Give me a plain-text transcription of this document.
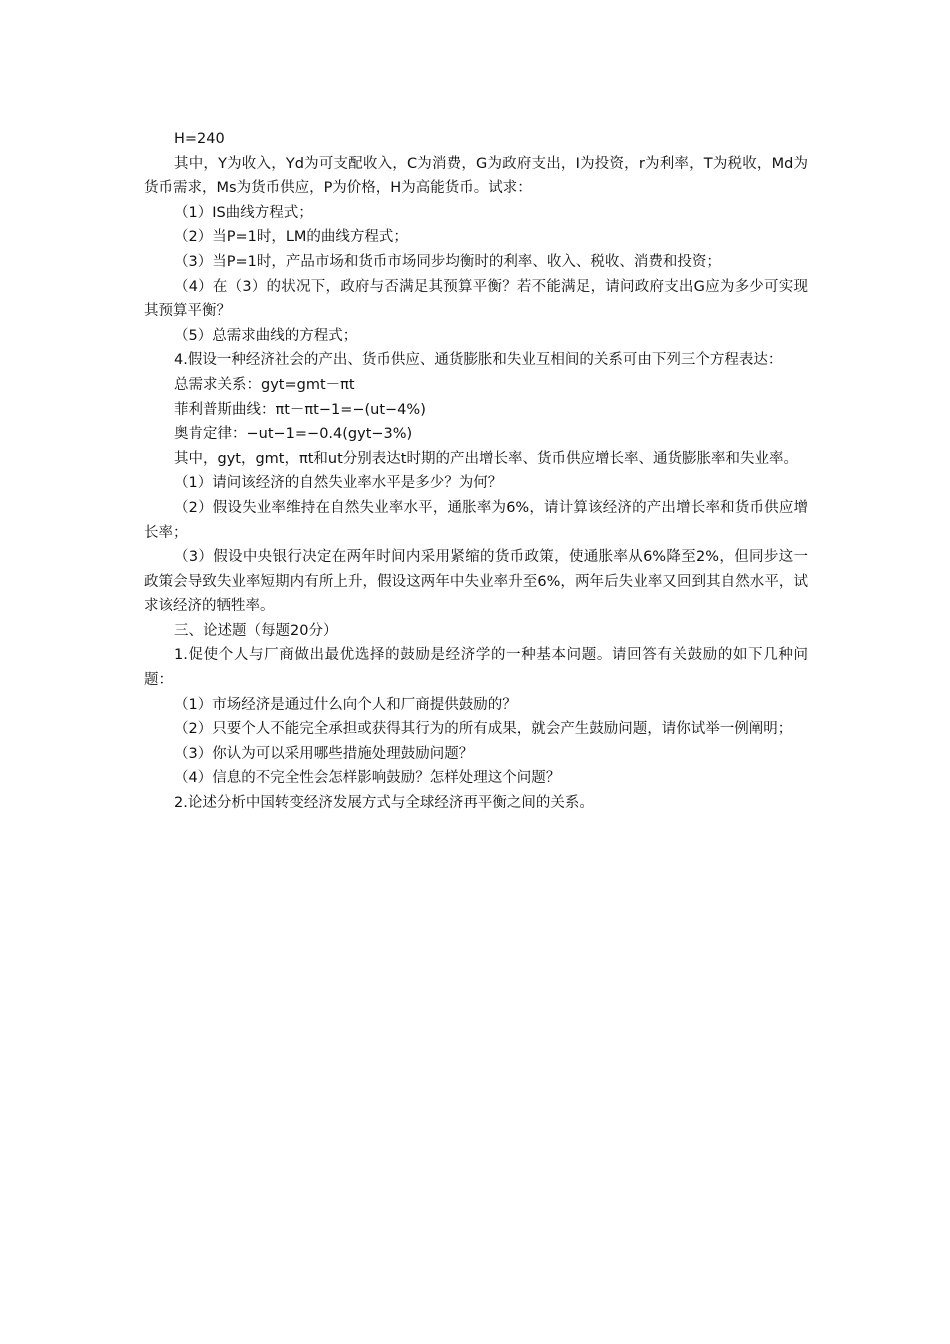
H=240
其中，Y为收入，Yd为可支配收入，C为消费，G为政府支出，I为投资，r为利率，T为税收，Md为货币需求，Ms为货币供应，P为价格，H为高能货币。试求：
（1）IS曲线方程式；
（2）当P=1时，LM的曲线方程式；
（3）当P=1时，产品市场和货币市场同步均衡时的利率、收入、税收、消费和投资；
（4）在（3）的状况下，政府与否满足其预算平衡？若不能满足，请问政府支出G应为多少可实现其预算平衡？
（5）总需求曲线的方程式；
4.假设一种经济社会的产出、货币供应、通货膨胀和失业互相间的关系可由下列三个方程表达：
总需求关系：gyt=gmt－πt
菲利普斯曲线：πt－πt−1=−(ut−4%)
奥肯定律：−ut−1=−0.4(gyt−3%)
其中，gyt，gmt，πt和ut分别表达t时期的产出增长率、货币供应增长率、通货膨胀率和失业率。
（1）请问该经济的自然失业率水平是多少？为何？
（2）假设失业率维持在自然失业率水平，通胀率为6%，请计算该经济的产出增长率和货币供应增长率；
（3）假设中央银行决定在两年时间内采用紧缩的货币政策，使通胀率从6%降至2%，但同步这一政策会导致失业率短期内有所上升，假设这两年中失业率升至6%，两年后失业率又回到其自然水平，试求该经济的牺牲率。
三、论述题（每题20分）
1.促使个人与厂商做出最优选择的鼓励是经济学的一种基本问题。请回答有关鼓励的如下几种问题：
（1）市场经济是通过什么向个人和厂商提供鼓励的？
（2）只要个人不能完全承担或获得其行为的所有成果，就会产生鼓励问题，请你试举一例阐明；
（3）你认为可以采用哪些措施处理鼓励问题？
（4）信息的不完全性会怎样影响鼓励？怎样处理这个问题？
2.论述分析中国转变经济发展方式与全球经济再平衡之间的关系。
